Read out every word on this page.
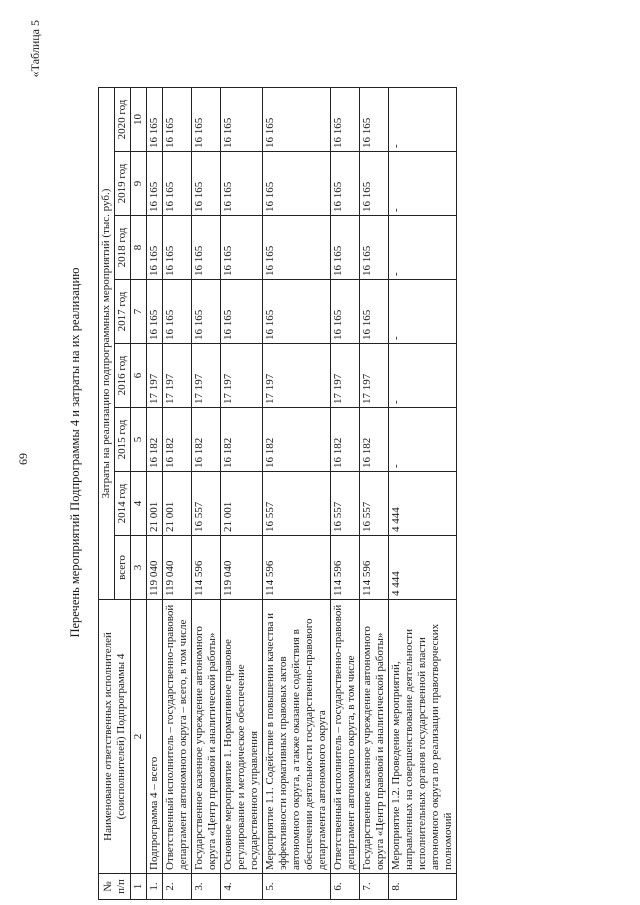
69
«Таблица 5
Перечень мероприятий Подпрограммы 4 и затраты на их реализацию
№ п/п	Наименование ответственных исполнителей (соисполнителей) Подпрограммы 4	Затраты на реализацию подпрограммных мероприятий (тыс. руб.)							
		всего	2014 год	2015 год	2016 год	2017 год	2018 год	2019 год	2020 год
1	2	3	4	5	6	7	8	9	10
1.	Подпрограмма 4 – всего	119 040	21 001	16 182	17 197	16 165	16 165	16 165	16 165
2.	Ответственный исполнитель – государственно-правовой департамент автономного округа – всего, в том числе	119 040	21 001	16 182	17 197	16 165	16 165	16 165	16 165
3.	Государственное казенное учреждение автономного округа «Центр правовой и аналитической работы»	114 596	16 557	16 182	17 197	16 165	16 165	16 165	16 165
4.	Основное мероприятие 1. Нормативное правовое регулирование и методическое обеспечение государственного управления	119 040	21 001	16 182	17 197	16 165	16 165	16 165	16 165
5.	Мероприятие 1.1. Содействие в повышении качества и эффективности нормативных правовых актов автономного округа, а также оказание содействия в обеспечении деятельности государственно-правового департамента автономного округа	114 596	16 557	16 182	17 197	16 165	16 165	16 165	16 165
6.	Ответственный исполнитель – государственно-правовой департамент автономного округа, в том числе	114 596	16 557	16 182	17 197	16 165	16 165	16 165	16 165
7.	Государственное казенное учреждение автономного округа «Центр правовой и аналитической работы»	114 596	16 557	16 182	17 197	16 165	16 165	16 165	16 165
8.	Мероприятие 1.2. Проведение мероприятий, направленных на совершенствование деятельности исполнительных органов государственной власти автономного округа по реализации правотворческих полномочий	4 444	4 444	-	-	-	-	-	-
